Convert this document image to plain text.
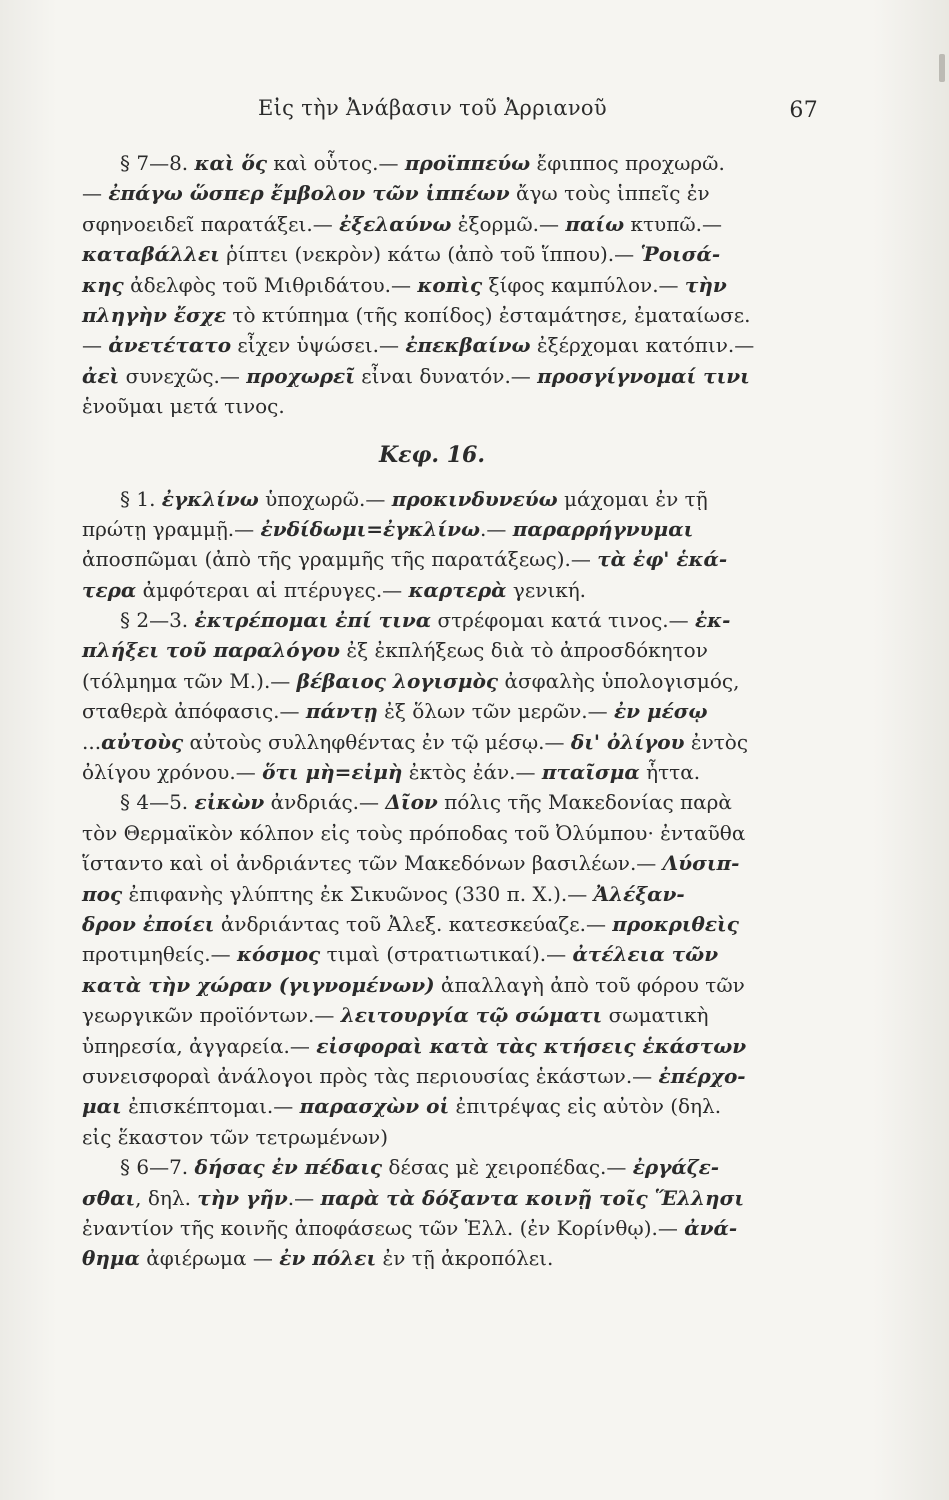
Εἰς τὴν Ἀνάβασιν τοῦ Ἀρριανοῦ	67
§ 7—8. καὶ ὅς καὶ οὗτος.— προϊππεύω ἔφιππος προχωρῶ.
— ἐπάγω ὥσπερ ἔμβολον τῶν ἱππέων ἄγω τοὺς ἱππεῖς ἐν
σφηνοειδεῖ παρατάξει.— ἐξελαύνω ἐξορμῶ.— παίω κτυπῶ.—
καταβάλλει ῥίπτει (νεκρὸν) κάτω (ἀπὸ τοῦ ἵππου).— Ῥοισά-
κης ἀδελφὸς τοῦ Μιθριδάτου.— κοπὶς ξίφος καμπύλον.— τὴν
πληγὴν ἔσχε τὸ κτύπημα (τῆς κοπίδος) ἐσταμάτησε, ἐματαίωσε.
— ἀνετέτατο εἶχεν ὑψώσει.— ἐπεκβαίνω ἐξέρχομαι κατόπιν.—
ἀεὶ συνεχῶς.— προχωρεῖ εἶναι δυνατόν.— προσγίγνομαί τινι
ἑνοῦμαι μετά τινος.
Κεφ. 16.
§ 1. ἐγκλίνω ὑποχωρῶ.— προκινδυνεύω μάχομαι ἐν τῇ
πρώτῃ γραμμῇ.— ἐνδίδωμι=ἐγκλίνω.— παραρρήγνυμαι
ἀποσπῶμαι (ἀπὸ τῆς γραμμῆς τῆς παρατάξεως).— τὰ ἐφ' ἑκά-
τερα ἀμφότεραι αἱ πτέρυγες.— καρτερὰ γενική.
§ 2—3. ἐκτρέπομαι ἐπί τινα στρέφομαι κατά τινος.— ἐκ-
πλήξει τοῦ παραλόγου ἐξ ἐκπλήξεως διὰ τὸ ἀπροσδόκητον
(τόλμημα τῶν Μ.).— βέβαιος λογισμὸς ἀσφαλὴς ὑπολογισμός,
σταθερὰ ἀπόφασις.— πάντῃ ἐξ ὅλων τῶν μερῶν.— ἐν μέσῳ
...αὐτοὺς αὐτοὺς συλληφθέντας ἐν τῷ μέσῳ.— δι' ὀλίγου ἐντὸς
ὀλίγου χρόνου.— ὅτι μὴ=εἰμὴ ἐκτὸς ἐάν.— πταῖσμα ἧττα.
§ 4—5. εἰκὼν ἀνδριάς.— Δῖον πόλις τῆς Μακεδονίας παρὰ
τὸν Θερμαϊκὸν κόλπον εἰς τοὺς πρόποδας τοῦ Ὀλύμπου· ἐνταῦθα
ἵσταντο καὶ οἱ ἀνδριάντες τῶν Μακεδόνων βασιλέων.— Λύσιπ-
πος ἐπιφανὴς γλύπτης ἐκ Σικυῶνος (330 π. Χ.).— Ἀλέξαν-
δρον ἐποίει ἀνδριάντας τοῦ Ἀλεξ. κατεσκεύαζε.— προκριθεὶς
προτιμηθείς.— κόσμος τιμαὶ (στρατιωτικαί).— ἀτέλεια τῶν
κατὰ τὴν χώραν (γιγνομένων) ἀπαλλαγὴ ἀπὸ τοῦ φόρου τῶν
γεωργικῶν προϊόντων.— λειτουργία τῷ σώματι σωματικὴ
ὑπηρεσία, ἀγγαρεία.— εἰσφοραὶ κατὰ τὰς κτήσεις ἑκάστων
συνεισφοραὶ ἀνάλογοι πρὸς τὰς περιουσίας ἑκάστων.— ἐπέρχο-
μαι ἐπισκέπτομαι.— παρασχὼν οἱ ἐπιτρέψας εἰς αὐτὸν (δηλ.
εἰς ἕκαστον τῶν τετρωμένων)
§ 6—7. δήσας ἐν πέδαις δέσας μὲ χειροπέδας.— ἐργάζε-
σθαι, δηλ. τὴν γῆν.— παρὰ τὰ δόξαντα κοινῇ τοῖς Ἕλλησι
ἐναντίον τῆς κοινῆς ἀποφάσεως τῶν Ἑλλ. (ἐν Κορίνθῳ).— ἀνά-
θημα ἀφιέρωμα — ἐν πόλει ἐν τῇ ἀκροπόλει.
